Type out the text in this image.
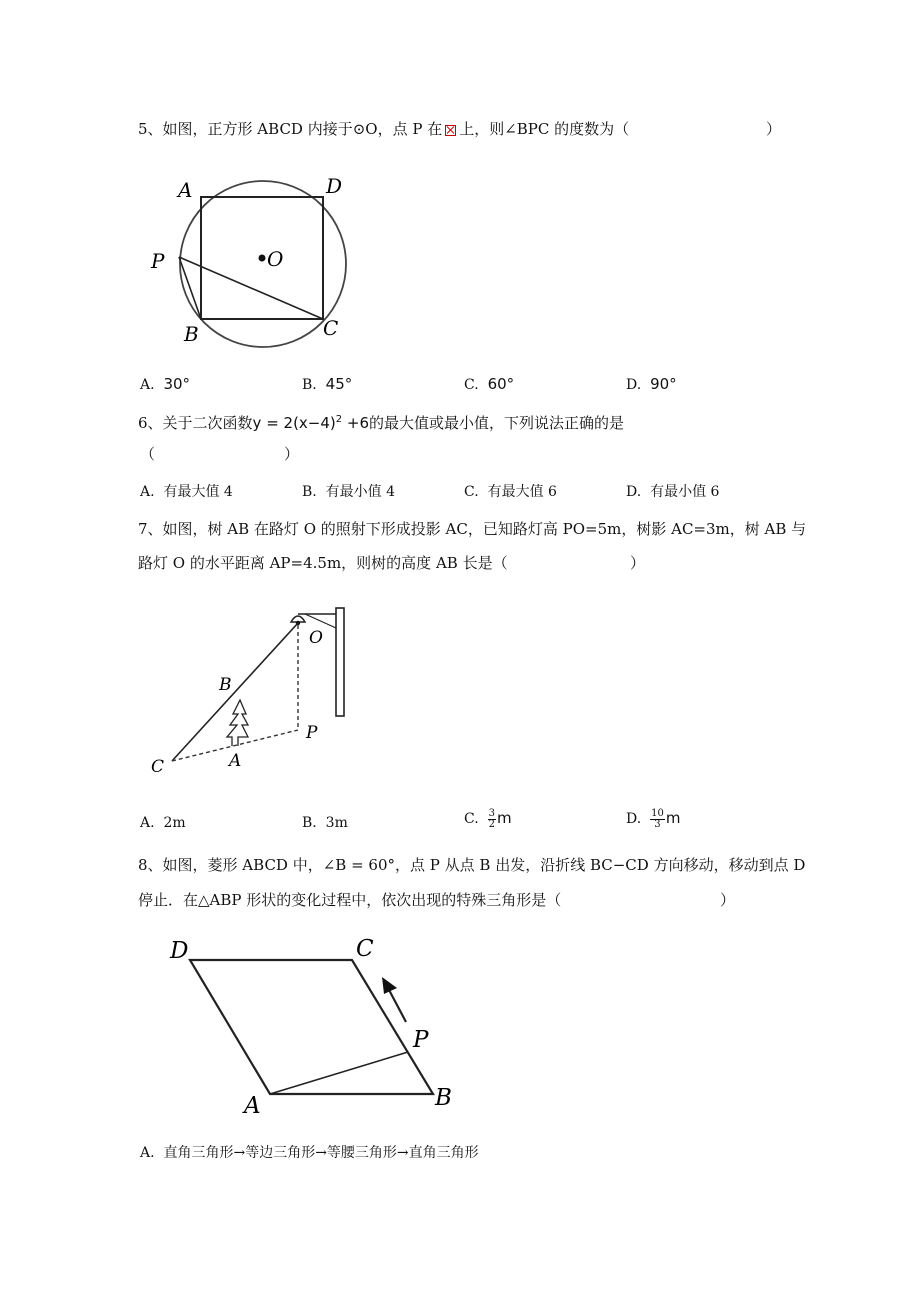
5、如图，正方形 ABCD 内接于⊙O，点 P 在 上，则∠BPC 的度数为（	）
A	D
O
P
B	C
A. 30°	B. 45°	C. 60°	D. 90°
6、关于二次函数$y = 2(x-4)^2 +6$的最大值或最小值，下列说法正确的是
（	）
A. 有最大值 4	B. 有最小值 4	C. 有最大值 6	D. 有最小值 6
7、如图，树 AB 在路灯 O 的照射下形成投影 AC，已知路灯高 PO=5m，树影 AC=3m，树 AB 与
路灯 O 的水平距离 AP=4.5m，则树的高度 AB 长是（	）
O
B
P
C	A
A. 2m	B. 3m	C. $\frac{3}{2}$ m	D. $\frac{10}{3}$ m
8、如图，菱形 ABCD 中，∠B = 60°，点 P 从点 B 出发，沿折线 BC−CD 方向移动，移动到点 D
停止．在△ABP 形状的变化过程中，依次出现的特殊三角形是（	）
D	C
P
A	B
A. 直角三角形→等边三角形→等腰三角形→直角三角形
